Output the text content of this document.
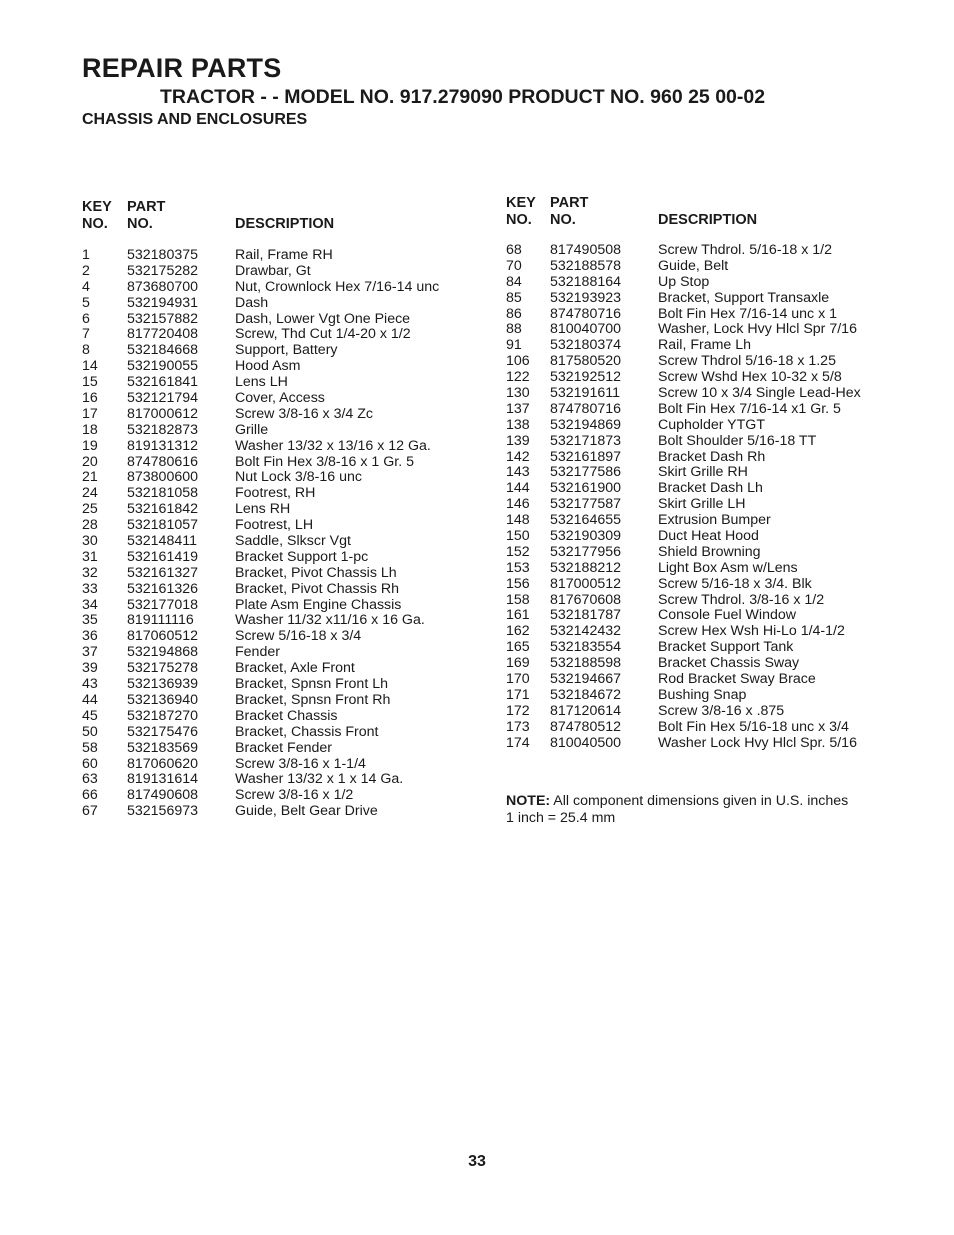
REPAIR PARTS
TRACTOR - - MODEL NO. 917.279090 PRODUCT NO. 960 25 00-02
CHASSIS AND ENCLOSURES
KEY PART
NO. NO.	DESCRIPTION
1	532180375	Rail, Frame RH
2	532175282	Drawbar, Gt
4	873680700	Nut, Crownlock Hex 7/16-14 unc
5	532194931	Dash
6	532157882	Dash, Lower Vgt One Piece
7	817720408	Screw, Thd Cut 1/4-20 x 1/2
8	532184668	Support, Battery
14 532190055	Hood Asm
15 532161841	Lens LH
16 532121794	Cover, Access
17 817000612	Screw 3/8-16 x 3/4 Zc
18 532182873	Grille
19 819131312	Washer 13/32 x 13/16 x 12 Ga.
20 874780616	Bolt Fin Hex 3/8-16 x 1 Gr. 5
21 873800600	Nut Lock 3/8-16 unc
24 532181058	Footrest, RH
25 532161842	Lens RH
28 532181057	Footrest, LH
30 532148411	Saddle, Slkscr Vgt
31 532161419	Bracket Support 1-pc
32 532161327	Bracket, Pivot Chassis Lh
33 532161326	Bracket, Pivot Chassis Rh
34 532177018	Plate Asm Engine Chassis
35 819111116	Washer 11/32 x11/16 x 16 Ga.
36 817060512	Screw 5/16-18 x 3/4
37 532194868	Fender
39 532175278	Bracket, Axle Front
43 532136939	Bracket, Spnsn Front Lh
44 532136940	Bracket, Spnsn Front Rh
45 532187270	Bracket Chassis
50 532175476	Bracket, Chassis Front
58 532183569	Bracket Fender
60 817060620	Screw 3/8-16 x 1-1/4
63 819131614	Washer 13/32 x 1 x 14 Ga.
66 817490608	Screw 3/8-16 x 1/2
67 532156973	Guide, Belt Gear Drive
KEY PART
NO. NO.	DESCRIPTION
68 817490508	Screw Thdrol. 5/16-18 x 1/2
70 532188578	Guide, Belt
84 532188164	Up Stop
85 532193923	Bracket, Support Transaxle
86 874780716	Bolt Fin Hex 7/16-14 unc x 1
88 810040700	Washer, Lock Hvy Hlcl Spr 7/16
91 532180374	Rail, Frame Lh
106 817580520	Screw Thdrol 5/16-18 x 1.25
122 532192512	Screw Wshd Hex 10-32 x 5/8
130 532191611	Screw 10 x 3/4 Single Lead-Hex
137 874780716	Bolt Fin Hex 7/16-14 x1 Gr. 5
138 532194869	Cupholder YTGT
139 532171873	Bolt Shoulder 5/16-18 TT
142 532161897	Bracket Dash Rh
143 532177586	Skirt Grille RH
144 532161900	Bracket Dash Lh
146 532177587	Skirt Grille LH
148 532164655	Extrusion Bumper
150 532190309	Duct Heat Hood
152 532177956	Shield Browning
153 532188212	Light Box Asm w/Lens
156 817000512	Screw 5/16-18 x 3/4. Blk
158 817670608	Screw Thdrol. 3/8-16 x 1/2
161 532181787	Console Fuel Window
162 532142432	Screw Hex Wsh Hi-Lo 1/4-1/2
165 532183554	Bracket Support Tank
169 532188598	Bracket Chassis Sway
170 532194667	Rod Bracket Sway Brace
171 532184672	Bushing Snap
172 817120614	Screw 3/8-16 x .875
173 874780512	Bolt Fin Hex 5/16-18 unc x 3/4
174 810040500	Washer Lock Hvy Hlcl Spr. 5/16
NOTE: All component dimensions given in U.S. inches
1 inch = 25.4 mm
33
